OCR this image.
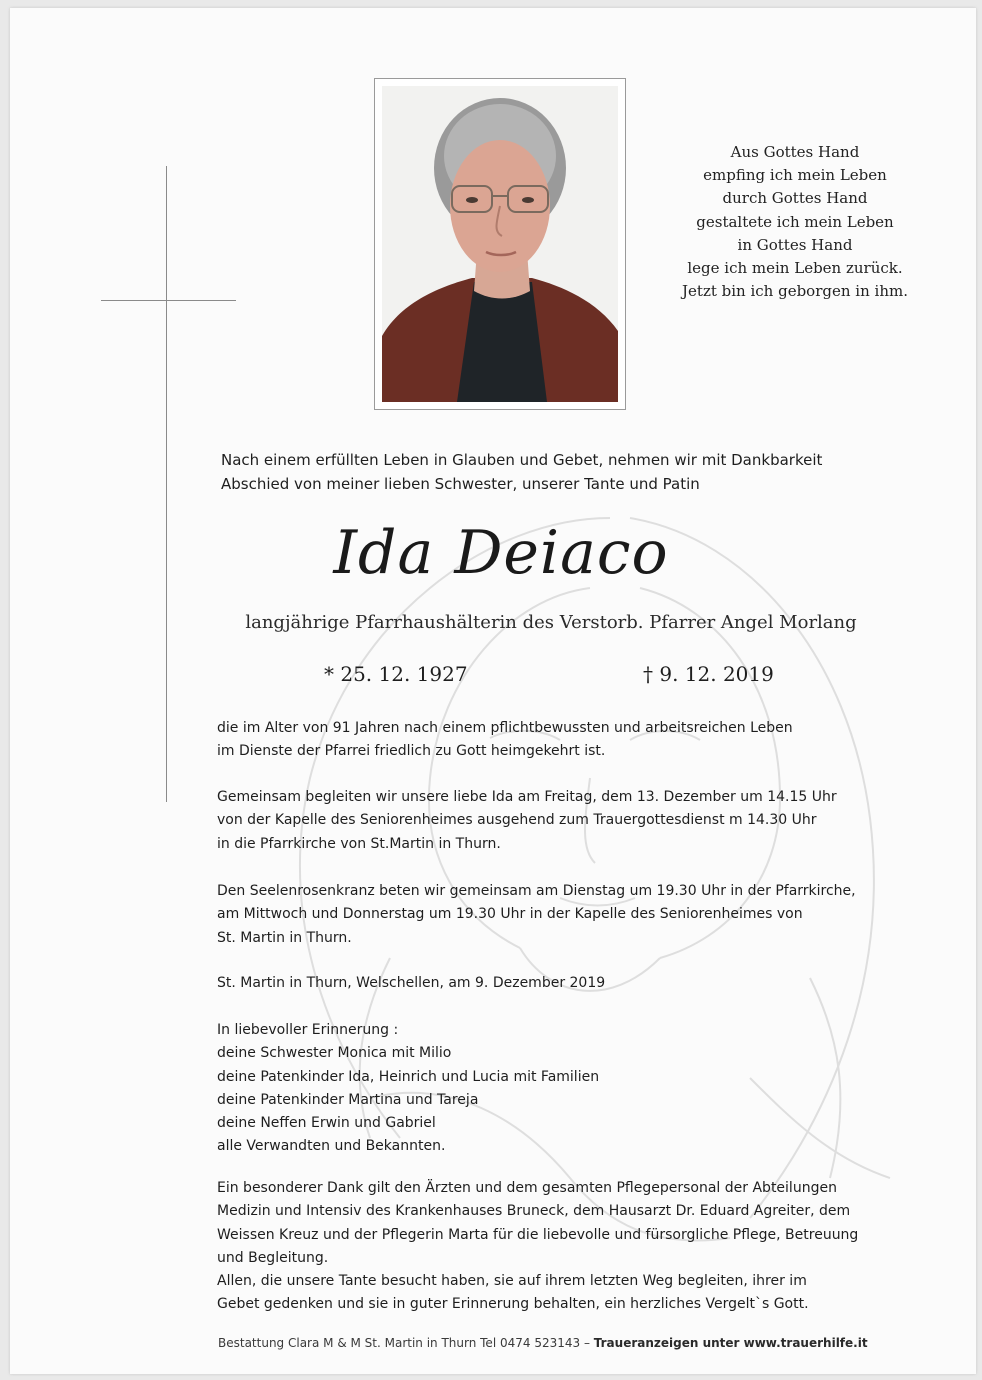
Aus Gottes Hand
empfing ich mein Leben
durch Gottes Hand
gestaltete ich mein Leben
in Gottes Hand
lege ich mein Leben zurück.
Jetzt bin ich geborgen in ihm.
Nach einem erfüllten Leben in Glauben und Gebet, nehmen wir mit Dankbarkeit
Abschied von meiner lieben Schwester, unserer Tante und Patin
Ida Deiaco
langjährige Pfarrhaushälterin des Verstorb. Pfarrer Angel Morlang
* 25. 12. 1927	† 9. 12. 2019
die im Alter von 91 Jahren nach einem pflichtbewussten und arbeitsreichen Leben
im Dienste der Pfarrei friedlich zu Gott heimgekehrt ist.
Gemeinsam begleiten wir unsere liebe Ida am Freitag, dem 13. Dezember um 14.15 Uhr
von der Kapelle des Seniorenheimes ausgehend zum Trauergottesdienst m 14.30 Uhr
in die Pfarrkirche von St.Martin in Thurn.
Den Seelenrosenkranz beten wir gemeinsam am Dienstag um 19.30 Uhr in der Pfarrkirche,
am Mittwoch und Donnerstag um 19.30 Uhr in der Kapelle des Seniorenheimes von
St. Martin in Thurn.
St. Martin in Thurn, Welschellen, am 9. Dezember 2019
In liebevoller Erinnerung :
deine Schwester Monica mit Milio
deine Patenkinder Ida, Heinrich und Lucia mit Familien
deine Patenkinder Martina und Tareja
deine Neffen Erwin und Gabriel
alle Verwandten und Bekannten.
Ein besonderer Dank gilt den Ärzten und dem gesamten Pflegepersonal der Abteilungen
Medizin und Intensiv des Krankenhauses Bruneck, dem Hausarzt Dr. Eduard Agreiter, dem
Weissen Kreuz und der Pflegerin Marta für die liebevolle und fürsorgliche Pflege, Betreuung
und Begleitung.
Allen, die unsere Tante besucht haben, sie auf ihrem letzten Weg begleiten, ihrer im
Gebet gedenken und sie in guter Erinnerung behalten, ein herzliches Vergelt`s Gott.
Bestattung Clara M & M St. Martin in Thurn Tel 0474 523143 – Traueranzeigen unter www.trauerhilfe.it
